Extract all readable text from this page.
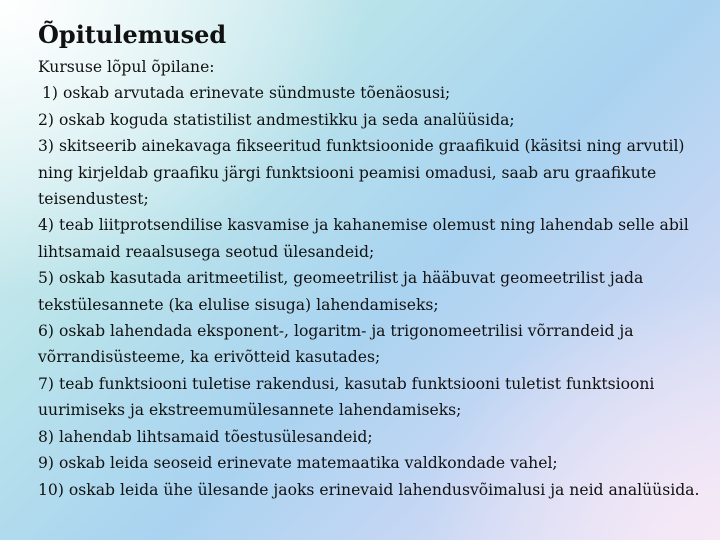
Õpitulemused

Kursuse lõpul õpilane:

1) oskab arvutada erinevate sündmuste tõenäosusi;

2) oskab koguda statistilist andmestikku ja seda analüüsida;

3) skitseerib ainekavaga fikseeritud funktsioonide graafikuid (käsitsi ning arvutil) ning kirjeldab graafiku järgi funktsiooni peamisi omadusi, saab aru graafikute teisendustest;

4) teab liitprotsendilise kasvamise ja kahanemise olemust ning lahendab selle abil lihtsamaid reaalsusega seotud ülesandeid;

5) oskab kasutada aritmeetilist, geomeetrilist ja hääbuvat geomeetrilist jada tekstülesannete (ka elulise sisuga) lahendamiseks;

6) oskab lahendada eksponent-, logaritm- ja trigonomeetrilisi võrrandeid ja võrrandisüsteeme, ka erivõtteid kasutades;

7) teab funktsiooni tuletise rakendusi, kasutab funktsiooni tuletist funktsiooni uurimiseks ja ekstreemumülesannete lahendamiseks;

8) lahendab lihtsamaid tõestusülesandeid;

9) oskab leida seoseid erinevate matemaatika valdkondade vahel;

10) oskab leida ühe ülesande jaoks erinevaid lahendusvõimalusi ja neid analüüsida.
